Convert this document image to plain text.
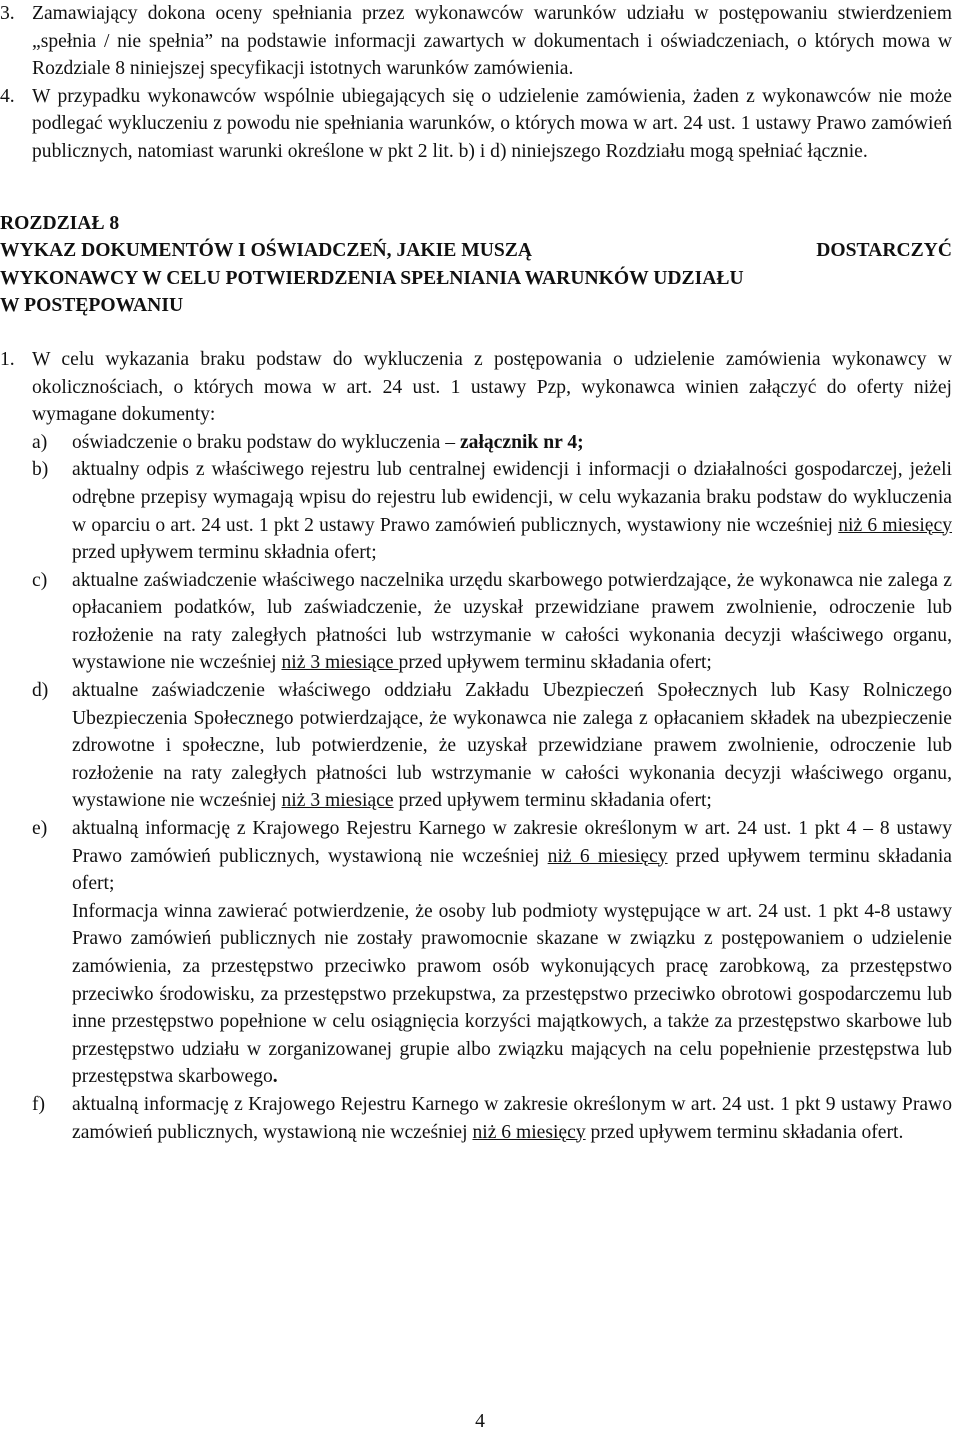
3. Zamawiający dokona oceny spełniania przez wykonawców warunków udziału w postępowaniu stwierdzeniem „spełnia / nie spełnia” na podstawie informacji zawartych w dokumentach i oświadczeniach, o których mowa w Rozdziale 8 niniejszej specyfikacji istotnych warunków zamówienia.
4. W przypadku wykonawców wspólnie ubiegających się o udzielenie zamówienia, żaden z wykonawców nie może podlegać wykluczeniu z powodu nie spełniania warunków, o których mowa w art. 24 ust. 1 ustawy Prawo zamówień publicznych, natomiast warunki określone w pkt 2 lit. b) i d) niniejszego Rozdziału mogą spełniać łącznie.
ROZDZIAŁ 8
WYKAZ DOKUMENTÓW I OŚWIADCZEŃ, JAKIE MUSZĄ	DOSTARCZYĆ
WYKONAWCY W CELU POTWIERDZENIA SPEŁNIANIA WARUNKÓW UDZIAŁU
W POSTĘPOWANIU
1. W celu wykazania braku podstaw do wykluczenia z postępowania o udzielenie zamówienia wykonawcy w okolicznościach, o których mowa w art. 24 ust. 1 ustawy Pzp, wykonawca winien załączyć do oferty niżej wymagane dokumenty:
a) oświadczenie o braku podstaw do wykluczenia – załącznik nr 4;
b) aktualny odpis z właściwego rejestru lub centralnej ewidencji i informacji o działalności gospodarczej, jeżeli odrębne przepisy wymagają wpisu do rejestru lub ewidencji, w celu wykazania braku podstaw do wykluczenia w oparciu o art. 24 ust. 1 pkt 2 ustawy Prawo zamówień publicznych, wystawiony nie wcześniej niż 6 miesięcy przed upływem terminu składnia ofert;
c) aktualne zaświadczenie właściwego naczelnika urzędu skarbowego potwierdzające, że wykonawca nie zalega z opłacaniem podatków, lub zaświadczenie, że uzyskał przewidziane prawem zwolnienie, odroczenie lub rozłożenie na raty zaległych płatności lub wstrzymanie w całości wykonania decyzji właściwego organu, wystawione nie wcześniej niż 3 miesiące przed upływem terminu składania ofert;
d) aktualne zaświadczenie właściwego oddziału Zakładu Ubezpieczeń Społecznych lub Kasy Rolniczego Ubezpieczenia Społecznego potwierdzające, że wykonawca nie zalega z opłacaniem składek na ubezpieczenie zdrowotne i społeczne, lub potwierdzenie, że uzyskał przewidziane prawem zwolnienie, odroczenie lub rozłożenie na raty zaległych płatności lub wstrzymanie w całości wykonania decyzji właściwego organu, wystawione nie wcześniej niż 3 miesiące przed upływem terminu składania ofert;
e) aktualną informację z Krajowego Rejestru Karnego w zakresie określonym w art. 24 ust. 1 pkt 4 – 8 ustawy Prawo zamówień publicznych, wystawioną nie wcześniej niż 6 miesięcy przed upływem terminu składania ofert;
Informacja winna zawierać potwierdzenie, że osoby lub podmioty występujące w art. 24 ust. 1 pkt 4-8 ustawy Prawo zamówień publicznych nie zostały prawomocnie skazane w związku z postępowaniem o udzielenie zamówienia, za przestępstwo przeciwko prawom osób wykonujących pracę zarobkową, za przestępstwo przeciwko środowisku, za przestępstwo przekupstwa, za przestępstwo przeciwko obrotowi gospodarczemu lub inne przestępstwo popełnione w celu osiągnięcia korzyści majątkowych, a także za przestępstwo skarbowe lub przestępstwo udziału w zorganizowanej grupie albo związku mających na celu popełnienie przestępstwa lub przestępstwa skarbowego.
f) aktualną informację z Krajowego Rejestru Karnego w zakresie określonym w art. 24 ust. 1 pkt 9 ustawy Prawo zamówień publicznych, wystawioną nie wcześniej niż 6 miesięcy przed upływem terminu składania ofert.
4
